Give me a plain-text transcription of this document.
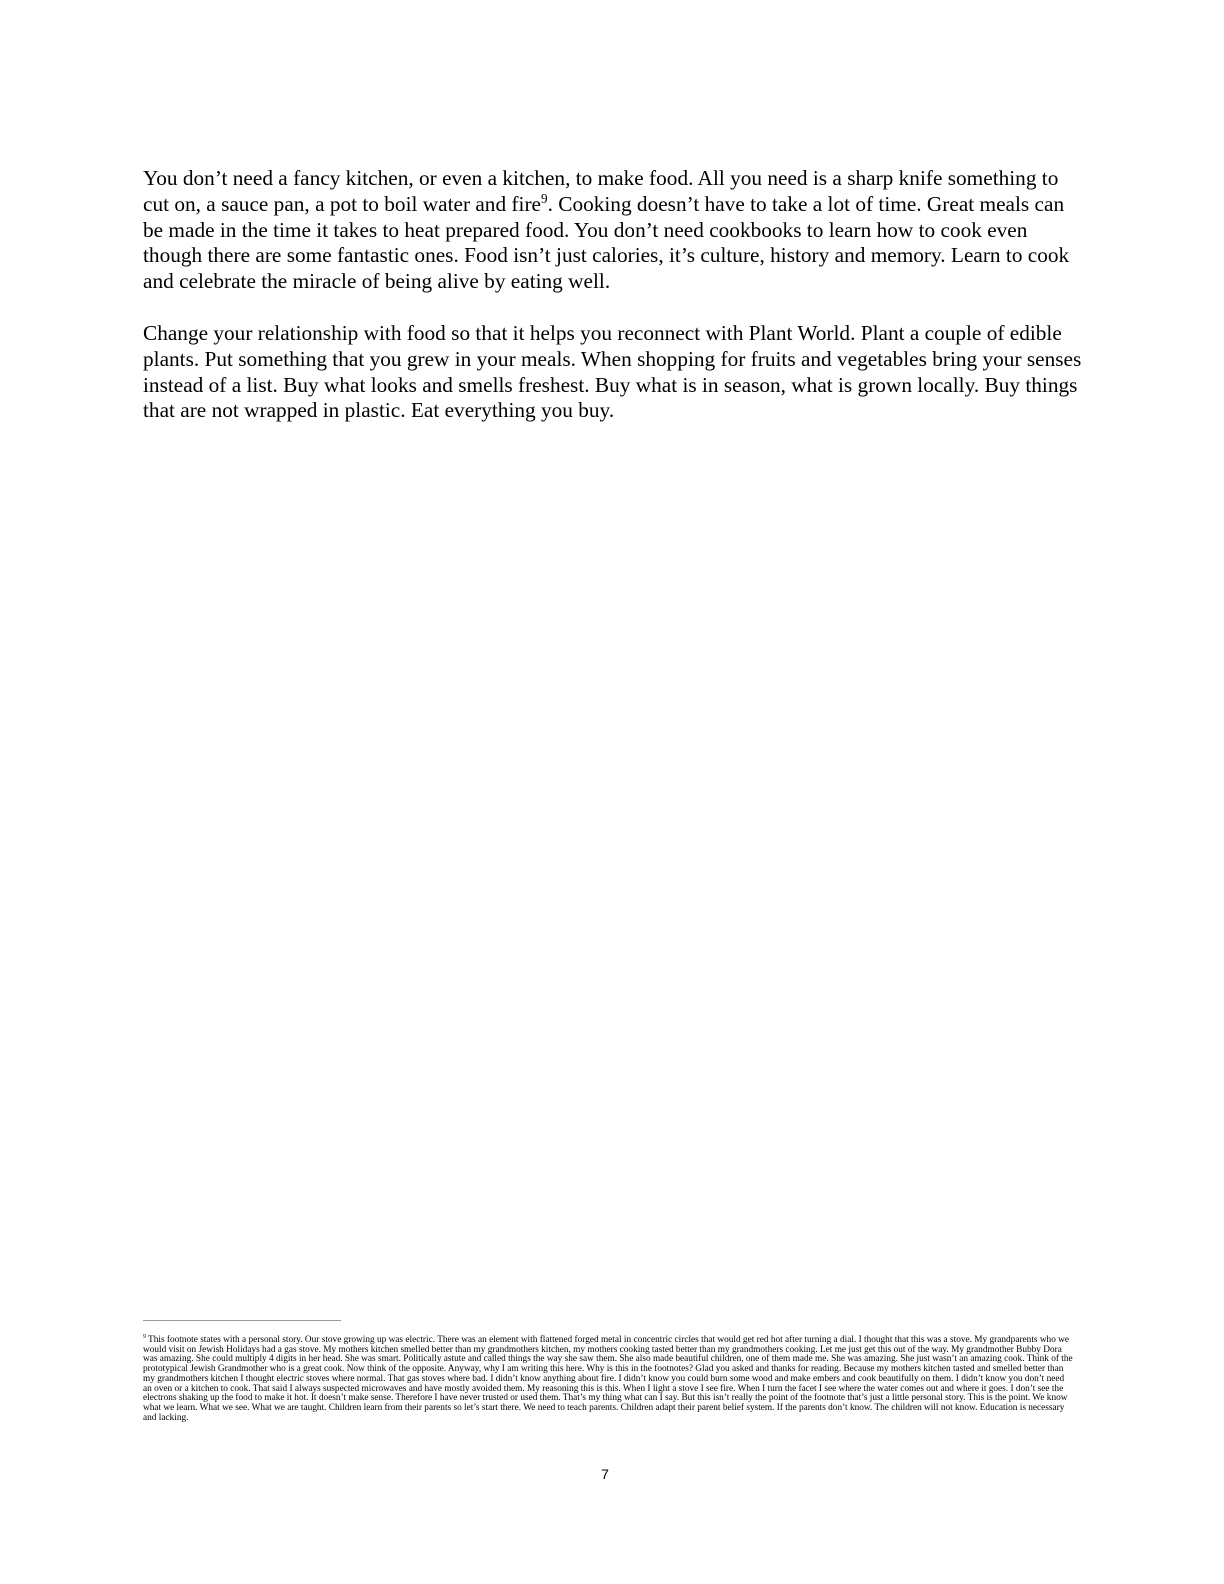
You don’t need a fancy kitchen, or even a kitchen, to make food. All you need is a sharp knife something to cut on, a sauce pan, a pot to boil water and fire$^9$. Cooking doesn’t have to take a lot of time. Great meals can be made in the time it takes to heat prepared food. You don’t need cookbooks to learn how to cook even though there are some fantastic ones. Food isn’t just calories, it’s culture, history and memory. Learn to cook and celebrate the miracle of being alive by eating well.

Change your relationship with food so that it helps you reconnect with Plant World. Plant a couple of edible plants. Put something that you grew in your meals. When shopping for fruits and vegetables bring your senses instead of a list. Buy what looks and smells freshest. Buy what is in season, what is grown locally. Buy things that are not wrapped in plastic. Eat everything you buy.

$^9$ This footnote states with a personal story. Our stove growing up was electric. There was an element with flattened forged metal in concentric circles that would get red hot after turning a dial. I thought that this was a stove. My grandparents who we would visit on Jewish Holidays had a gas stove. My mothers kitchen smelled better than my grandmothers kitchen, my mothers cooking tasted better than my grandmothers cooking. Let me just get this out of the way. My grandmother Bubby Dora was amazing. She could multiply 4 digits in her head. She was smart. Politically astute and called things the way she saw them. She also made beautiful children, one of them made me. She was amazing. She just wasn’t an amazing cook. Think of the prototypical Jewish Grandmother who is a great cook. Now think of the opposite. Anyway, why I am writing this here. Why is this in the footnotes? Glad you asked and thanks for reading. Because my mothers kitchen tasted and smelled better than my grandmothers kitchen I thought electric stoves where normal. That gas stoves where bad. I didn’t know anything about fire. I didn’t know you could burn some wood and make embers and cook beautifully on them. I didn’t know you don’t need an oven or a kitchen to cook. That said I always suspected microwaves and have mostly avoided them. My reasoning this is this. When I light a stove I see fire. When I turn the facet I see where the water comes out and where it goes. I don’t see the electrons shaking up the food to make it hot. It doesn’t make sense. Therefore I have never trusted or used them. That’s my thing what can I say. But this isn’t really the point of the footnote that’s just a little personal story. This is the point. We know what we learn. What we see. What we are taught. Children learn from their parents so let’s start there. We need to teach parents. Children adapt their parent belief system. If the parents don’t know. The children will not know. Education is necessary and lacking.

7
